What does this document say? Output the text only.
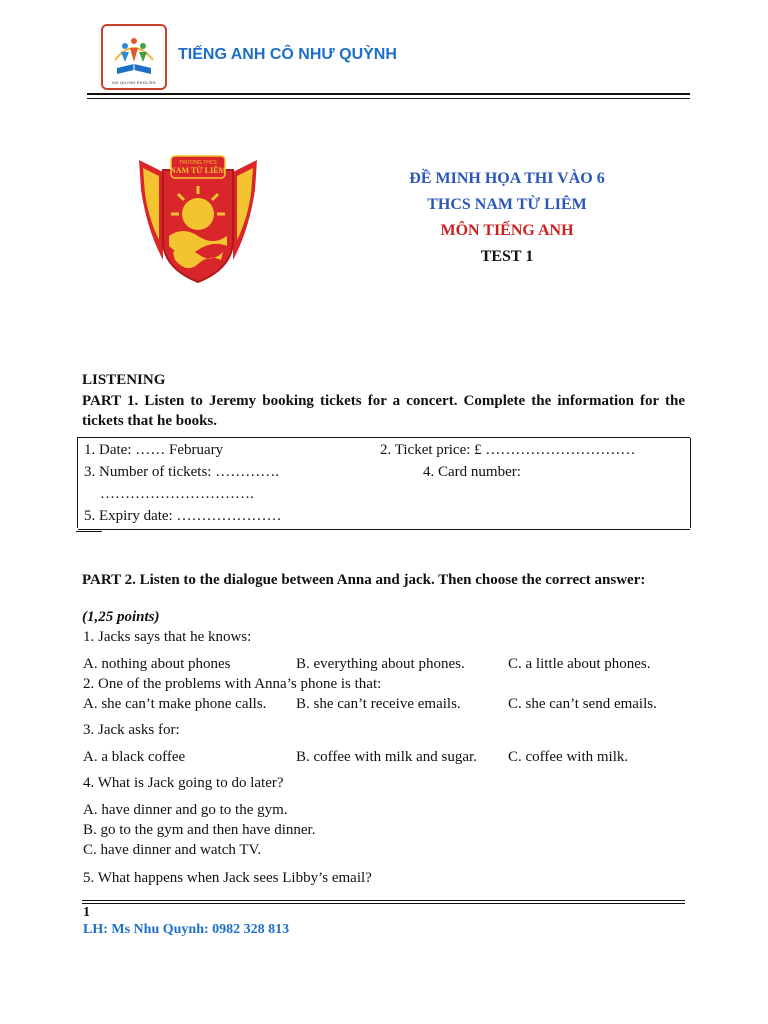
MS QUYNH ENGLISH
TIẾNG ANH CÔ NHƯ QUỲNH
TRƯỜNG THCS
NAM TỪ LIÊM	ĐỀ MINH HỌA THI VÀO 6
THCS NAM TỪ LIÊM
MÔN TIẾNG ANH
TEST 1
LISTENING
PART 1. Listen to Jeremy booking tickets for a concert. Complete the information for the tickets that he books.
1. Date: …… February	2. Ticket price: £ …………………………
3. Number of tickets: ………….	4. Card number:
………………………….
5. Expiry date: …………………
PART 2. Listen to the dialogue between Anna and jack. Then choose the correct answer:
(1,25 points)
1. Jacks says that he knows:
A. nothing about phones	B. everything about phones.	C. a little about phones.
2. One of the problems with Anna’s phone is that:
A. she can’t make phone calls. B. she can’t receive emails.	C. she can’t send emails.
3. Jack asks for:
A. a black coffee	B. coffee with milk and sugar. C. coffee with milk.
4. What is Jack going to do later?
A. have dinner and go to the gym.
B. go to the gym and then have dinner.
C. have dinner and watch TV.
5. What happens when Jack sees Libby’s email?
1
LH: Ms Nhu Quynh: 0982 328 813
